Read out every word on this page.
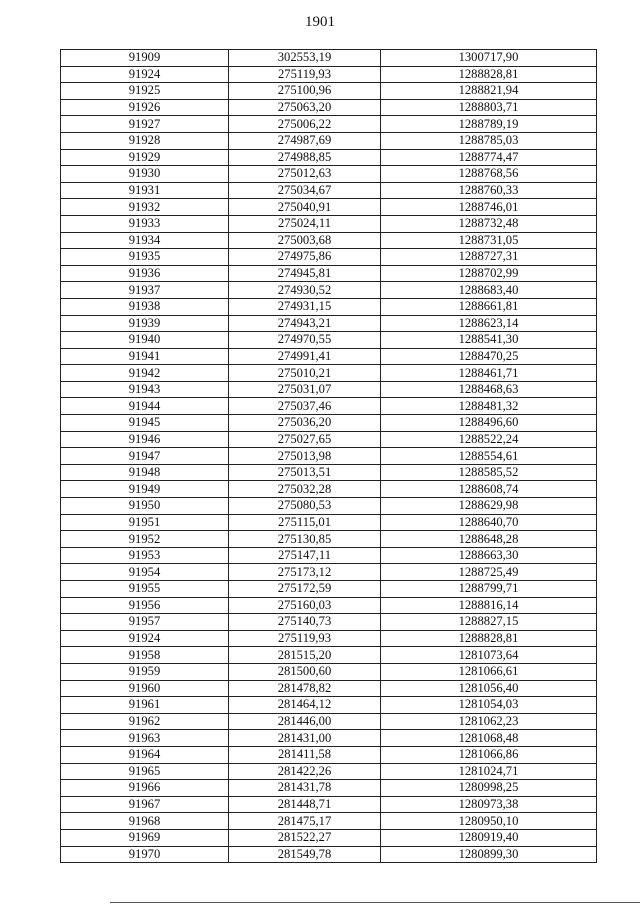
1901
91909	302553,19	1300717,90
91924	275119,93	1288828,81
91925	275100,96	1288821,94
91926	275063,20	1288803,71
91927	275006,22	1288789,19
91928	274987,69	1288785,03
91929	274988,85	1288774,47
91930	275012,63	1288768,56
91931	275034,67	1288760,33
91932	275040,91	1288746,01
91933	275024,11	1288732,48
91934	275003,68	1288731,05
91935	274975,86	1288727,31
91936	274945,81	1288702,99
91937	274930,52	1288683,40
91938	274931,15	1288661,81
91939	274943,21	1288623,14
91940	274970,55	1288541,30
91941	274991,41	1288470,25
91942	275010,21	1288461,71
91943	275031,07	1288468,63
91944	275037,46	1288481,32
91945	275036,20	1288496,60
91946	275027,65	1288522,24
91947	275013,98	1288554,61
91948	275013,51	1288585,52
91949	275032,28	1288608,74
91950	275080,53	1288629,98
91951	275115,01	1288640,70
91952	275130,85	1288648,28
91953	275147,11	1288663,30
91954	275173,12	1288725,49
91955	275172,59	1288799,71
91956	275160,03	1288816,14
91957	275140,73	1288827,15
91924	275119,93	1288828,81
91958	281515,20	1281073,64
91959	281500,60	1281066,61
91960	281478,82	1281056,40
91961	281464,12	1281054,03
91962	281446,00	1281062,23
91963	281431,00	1281068,48
91964	281411,58	1281066,86
91965	281422,26	1281024,71
91966	281431,78	1280998,25
91967	281448,71	1280973,38
91968	281475,17	1280950,10
91969	281522,27	1280919,40
91970	281549,78	1280899,30
